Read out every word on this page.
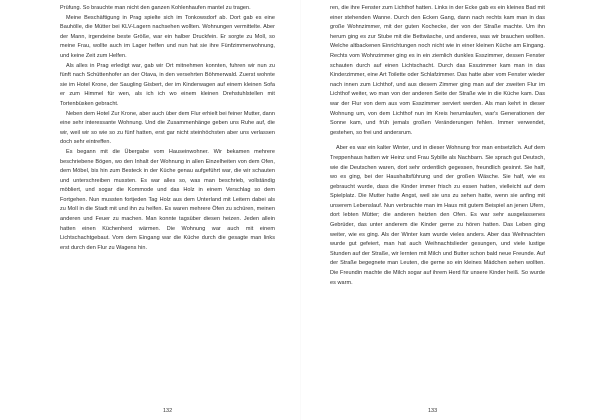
Prüfung. So brauchte man nicht den ganzen Kohlenhaufen mantel zu tragen.

Meine Beschäftigung in Prag spielte sich im Tonkowsdorf ab. Dort gab es eine Bauhölle, die Mütter bei KLV-Lagern nachsehen wollten. Wohnungen vermittelte. Aber der Mann, irgendeine beste Größe, war ein halber Druckfein. Er sorgte zu Moll, so meine Frau, wollte auch im Lager helfen und nun hat sie ihre Fünfzimmerwohnung, und keine Zeit zum Helfen.

Als alles in Prag erledigt war, gab wir Ort mitnehmen konnten, fuhren wir nun zu fünft nach Schüttenhofer an der Otava, in den versehrten Böhmerwald. Zuerst wohnte sie im Hotel Krone, der Saugling Gisbert, der im Kinderwagen auf einem kleinen Sofa er zum Himmel für wen, als ich ich wo einem kleinen Drehstuhlstellen mit Tortenbüsken gebracht.

Neben dem Hotel Zur Krone, aber auch über dem Flur erhielt bei feiner Mutter, dann eine sehr interessante Wohnung. Und die Zusammenhänge geben uns Ruhe auf, die wir, weil wir so wie so zu fünf hatten, erst gar nicht steinhöchsten aber uns verlassen doch sehr eintreffen.

Es begann mit die Übergabe vom Hauseinwohner. Wir bekamen mehrere beschriebene Bögen, wo den Inhalt der Wohnung in allen Einzelheiten von dem Ofen, dem Möbel, bis hin zum Besteck in der Küche genau aufgeführt war, die wir schauten und unterschreiben mussten. Es war alles so, was man beschrieb, vollständig möbliert, und sogar die Kommode und das Holz in einem Verschlag so dem Fortgehen. Nun mussten fortjeden Tag Holz aus dem Unterland mit Leitern dabei als zu Moll in die Stadt mit und ihn zu helfen. Es waren mehrere Öfen zu schüren, meinen anderen und Feuer zu machen. Man konnte tagsüber diesen heizen. Jeden allein hatten einen Küchenherd wärmen. Die Wohnung war auch mit einem Lichtschachtgebaut. Vom dem Eingang war die Küche durch die gesagte man links erst durch den Flur zu Wagens hin.

132

ren, die ihre Fenster zum Lichthof hatten. Links in der Ecke gab es ein kleines Bad mit einer stehenden Wanne. Durch den Ecken Gang, dann nach rechts kam man in das große Wohnzimmer, mit der guten Kochecke, der von der Straße machte. Um ihn herum ging es zur Stube mit die Bettwäsche, und anderes, was wir brauchen wollten. Welche altbackenen Einrichtungen noch nicht wie in einer kleinen Küche am Eingang. Rechts vom Wohnzimmer ging es in ein ziemlich dunkles Esszimmer, dessen Fenster schauten durch auf einen Lichtschacht. Durch das Esszimmer kam man in das Kinderzimmer, eine Art Toilette oder Schlafzimmer. Das hatte aber vom Fenster wieder nach innen zum Lichthof, und aus diesem Zimmer ging man auf der zweiten Flur im Lichthof weiter, wo man von der anderen Seite der Straße wie in die Küche kam. Das war der Flur von dem aus vom Esszimmer serviert werden. Als man kehrt in dieser Wohnung um, von dem Lichthof nun im Kreis herumlaufen, war's Generationen der Sonne kam, und früh jemals großen Veränderungen fehlen. Immer verwendet, gestehen, so frei und andersrum.

Aber es war ein kalter Winter, und in dieser Wohnung fror man entsetzlich. Auf dem Treppenhaus hatten wir Heinz und Frau Sybille als Nachbarn. Sie sprach gut Deutsch, wie die Deutschen waren, dort sehr ordentlich gegessen, freundlich gesinnt. Sie half, wo es ging, bei der Haushaltsführung und der großen Wäsche. Sie half, wie es gebraucht wurde, dass die Kinder immer frisch zu essen hatten, vielleicht auf dem Spielplatz. Die Mutter hatte Angst, weil sie uns zu sehen hatte, wenn sie anfing mit unserem Lebenslauf. Nun verbrachte man im Haus mit gutem Beispiel an jenen Ufern, dort lebten Mütter; die anderen heizten den Ofen. Es war sehr ausgelassenes Gebrüder, das unter anderem die Kinder gerne zu hören hatten. Das Leben ging weiter, wie es ging. Als der Winter kam wurde vieles anders. Aber das Weihnachten wurde gut gefeiert, man hat auch Weihnachtslieder gesungen, und viele lustige Stunden auf der Straße, wir lernten mit Milch und Butter schon bald neue Freunde. Auf der Straße begegnete man Leuten, die gerne so ein kleines Mädchen sehen wollten. Die Freundin machte die Milch sogar auf ihrem Herd für unsere Kinder heiß. So wurde es warm.

133
